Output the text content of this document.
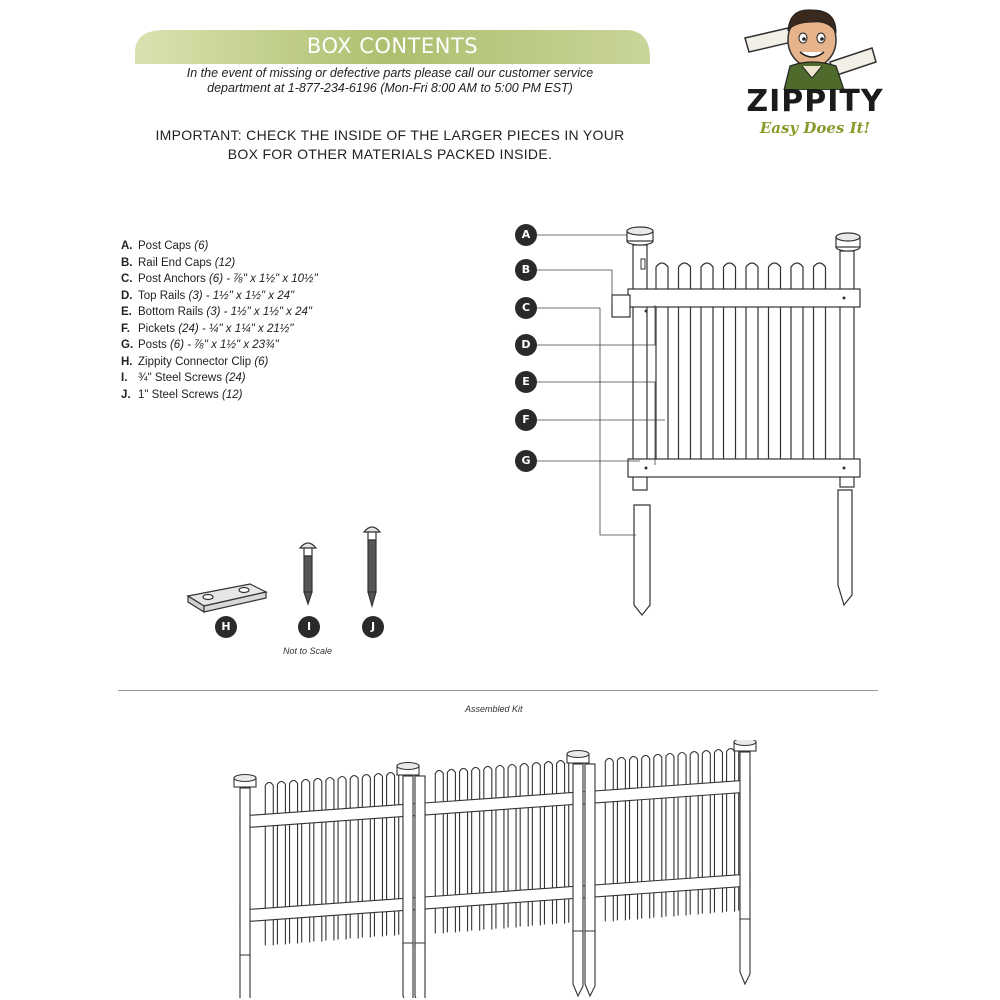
BOX CONTENTS
In the event of missing or defective parts please call our customer service
department at 1-877-234-6196 (Mon-Fri 8:00 AM to 5:00 PM EST)
IMPORTANT: CHECK THE INSIDE OF THE LARGER PIECES IN YOUR
BOX FOR OTHER MATERIALS PACKED INSIDE.
ZIPPITY
Easy Does It!
A. Post Caps (6)
B. Rail End Caps (12)
C. Post Anchors (6) - ⅞" x 1½" x 10½"
D. Top Rails (3) - 1½" x 1½" x 24"
E. Bottom Rails (3) - 1½" x 1½" x 24"
F. Pickets (24) - ¼" x 1¼" x 21½"
G. Posts (6) - ⅞" x 1½" x 23¾"
H. Zippity Connector Clip (6)
I. ¾" Steel Screws (24)
J. 1" Steel Screws (12)
A
B
C
D
E
F
G
H	I	J
Not to Scale
Assembled Kit
